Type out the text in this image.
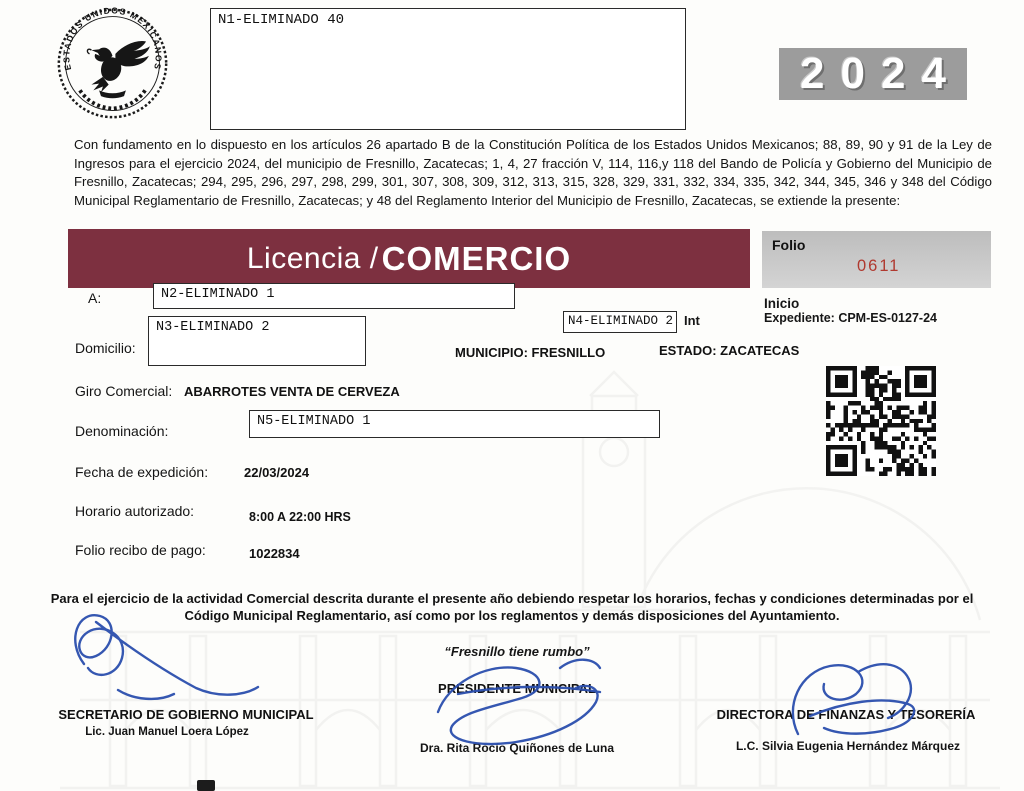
ESTADOS UNIDOS MEXICANOS
N1-ELIMINADO 40
2024

Con fundamento en lo dispuesto en los artículos 26 apartado B de la Constitución Política de los Estados Unidos Mexicanos; 88, 89, 90 y 91 de la Ley de Ingresos para el ejercicio 2024, del municipio de Fresnillo, Zacatecas; 1, 4, 27 fracción V, 114, 116,y 118 del Bando de Policía y Gobierno del Municipio de Fresnillo, Zacatecas; 294, 295, 296, 297, 298, 299, 301, 307, 308, 309, 312, 313, 315, 328, 329, 331, 332, 334, 335, 342, 344, 345, 346 y 348 del Código Municipal Reglamentario de Fresnillo, Zacatecas; y 48 del Reglamento Interior del Municipio de Fresnillo, Zacatecas, se extiende la presente:

Licencia / COMERCIO	Folio
0611
A:	N2-ELIMINADO 1
Inicio
Expediente: CPM-ES-0127-24
Domicilio:
N3-ELIMINADO 2	N4-ELIMINADO 2 Int
MUNICIPIO: FRESNILLO	ESTADO: ZACATECAS
Giro Comercial: ABARROTES VENTA DE CERVEZA
Denominación:
N5-ELIMINADO 1
Fecha de expedición:	22/03/2024
Horario autorizado:	8:00 A 22:00 HRS
Folio recibo de pago:	1022834

Para el ejercicio de la actividad Comercial descrita durante el presente año debiendo respetar los horarios, fechas y condiciones determinadas por el Código Municipal Reglamentario, así como por los reglamentos y demás disposiciones del Ayuntamiento.

“Fresnillo tiene rumbo”
PRESIDENTE MUNICIPAL
Dra. Rita Rocío Quiñones de Luna
SECRETARIO DE GOBIERNO MUNICIPAL
Lic. Juan Manuel Loera López
DIRECTORA DE FINANZAS Y TESORERÍA
L.C. Silvia Eugenia Hernández Márquez
